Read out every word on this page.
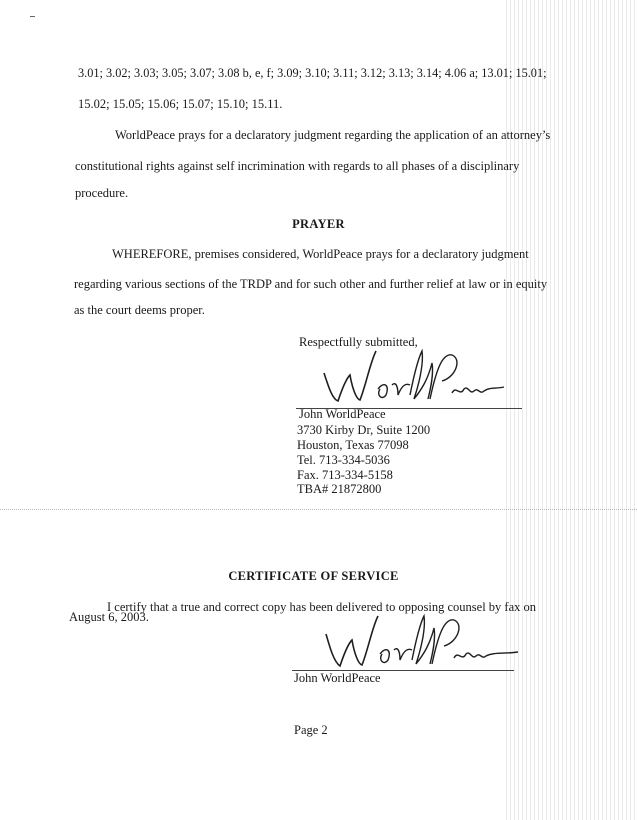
3.01; 3.02; 3.03; 3.05; 3.07; 3.08 b, e, f; 3.09; 3.10; 3.11; 3.12; 3.13; 3.14; 4.06 a; 13.01; 15.01;
15.02; 15.05; 15.06; 15.07; 15.10; 15.11.
WorldPeace prays for a declaratory judgment regarding the application of an attorney’s
constitutional rights against self incrimination with regards to all phases of a disciplinary
procedure.
PRAYER
WHEREFORE, premises considered, WorldPeace prays for a declaratory judgment
regarding various sections of the TRDP and for such other and further relief at law or in equity
as the court deems proper.
Respectfully submitted,
John WorldPeace
3730 Kirby Dr, Suite 1200
Houston, Texas 77098
Tel. 713-334-5036
Fax. 713-334-5158
TBA# 21872800
CERTIFICATE OF SERVICE
I certify that a true and correct copy has been delivered to opposing counsel by fax on
August 6, 2003.
John WorldPeace
Page 2
